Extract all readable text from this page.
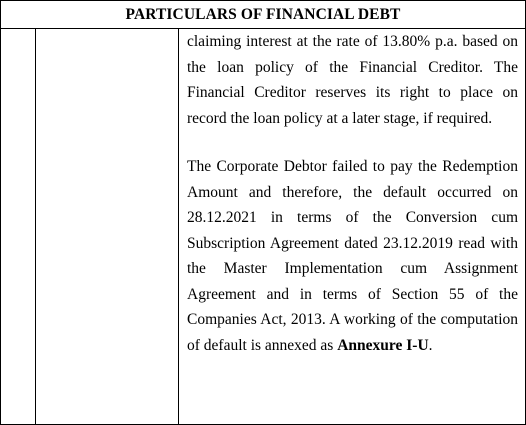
PARTICULARS OF FINANCIAL DEBT

claiming interest at the rate of 13.80% p.a. based on the loan policy of the Financial Creditor. The Financial Creditor reserves its right to place on record the loan policy at a later stage, if required.

The Corporate Debtor failed to pay the Redemption Amount and therefore, the default occurred on 28.12.2021 in terms of the Conversion cum Subscription Agreement dated 23.12.2019 read with the Master Implementation cum Assignment Agreement and in terms of Section 55 of the Companies Act, 2013. A working of the computation of default is annexed as Annexure I-U.
